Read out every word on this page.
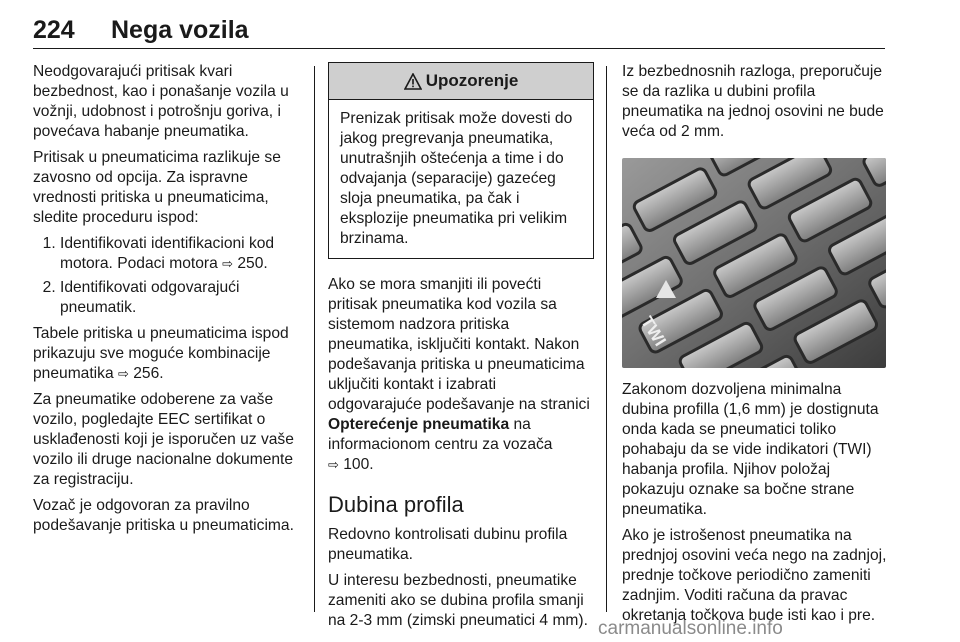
224 Nega vozila

Neodgovarajući pritisak kvari bezbednost, kao i ponašanje vozila u vožnji, udobnost i potrošnju goriva, i povećava habanje pneumatika.

Pritisak u pneumaticima razlikuje se zavosno od opcija. Za ispravne vrednosti pritiska u pneumaticima, sledite proceduru ispod:

1. Identifikovati identifikacioni kod motora. Podaci motora ⇨ 250.
2. Identifikovati odgovarajući pneumatik.

Tabele pritiska u pneumaticima ispod prikazuju sve moguće kombinacije pneumatika ⇨ 256.

Za pneumatike odoberene za vaše vozilo, pogledajte EEC sertifikat o usklađenosti koji je isporučen uz vaše vozilo ili druge nacionalne dokumente za registraciju.

Vozač je odgovoran za pravilno podešavanje pritiska u pneumaticima.

Upozorenje
Prenizak pritisak može dovesti do jakog pregrevanja pneumatika, unutrašnjih oštećenja a time i do odvajanja (separacije) gazećeg sloja pneumatika, pa čak i eksplozije pneumatika pri velikim brzinama.

Ako se mora smanjiti ili povećti pritisak pneumatika kod vozila sa sistemom nadzora pritiska pneumatika, isključiti kontakt. Nakon podešavanja pritiska u pneumaticima uključiti kontakt i izabrati odgovarajuće podešavanje na stranici Opterećenje pneumatika na informacionom centru za vozača
⇨ 100.

Dubina profila

Redovno kontrolisati dubinu profila pneumatika.

U interesu bezbednosti, pneumatike zameniti ako se dubina profila smanji na 2-3 mm (zimski pneumatici 4 mm).

Iz bezbednosnih razloga, preporučuje se da razlika u dubini profila pneumatika na jednoj osovini ne bude veća od 2 mm.

TWI

Zakonom dozvoljena minimalna dubina profilla (1,6 mm) je dostignuta onda kada se pneumatici toliko pohabaju da se vide indikatori (TWI) habanja profila. Njihov položaj pokazuju oznake sa bočne strane pneumatika.

Ako je istrošenost pneumatika na prednjoj osovini veća nego na zadnjoj, prednje točkove periodično zameniti zadnjim. Voditi računa da pravac okretanja točkova bude isti kao i pre.

carmanualsonline.info
